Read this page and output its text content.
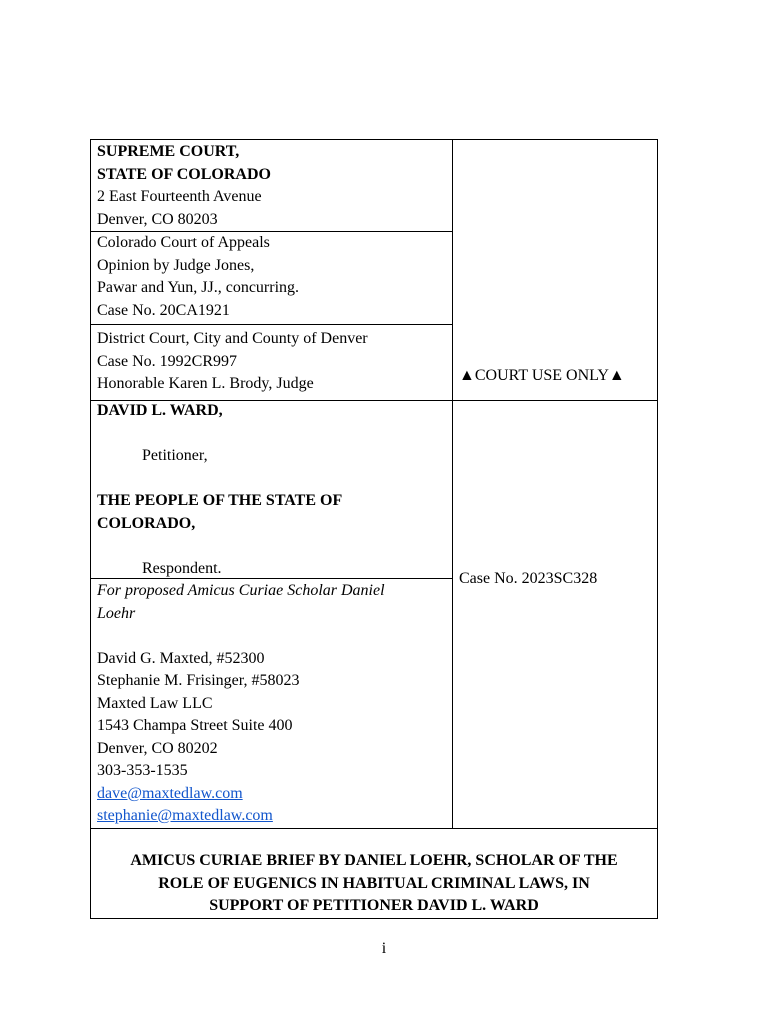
SUPREME COURT,
STATE OF COLORADO
2 East Fourteenth Avenue
Denver, CO 80203
Colorado Court of Appeals
Opinion by Judge Jones,
Pawar and Yun, JJ., concurring.
Case No. 20CA1921
District Court, City and County of Denver
Case No. 1992CR997
Honorable Karen L. Brody, Judge	▲COURT USE ONLY▲
DAVID L. WARD,

Petitioner,

THE PEOPLE OF THE STATE OF
COLORADO,

Respondent.
Case No. 2023SC328
For proposed Amicus Curiae Scholar Daniel
Loehr

David G. Maxted, #52300
Stephanie M. Frisinger, #58023
Maxted Law LLC
1543 Champa Street Suite 400
Denver, CO 80202
303-353-1535
dave@maxtedlaw.com
stephanie@maxtedlaw.com
AMICUS CURIAE BRIEF BY DANIEL LOEHR, SCHOLAR OF THE
ROLE OF EUGENICS IN HABITUAL CRIMINAL LAWS, IN
SUPPORT OF PETITIONER DAVID L. WARD
i
